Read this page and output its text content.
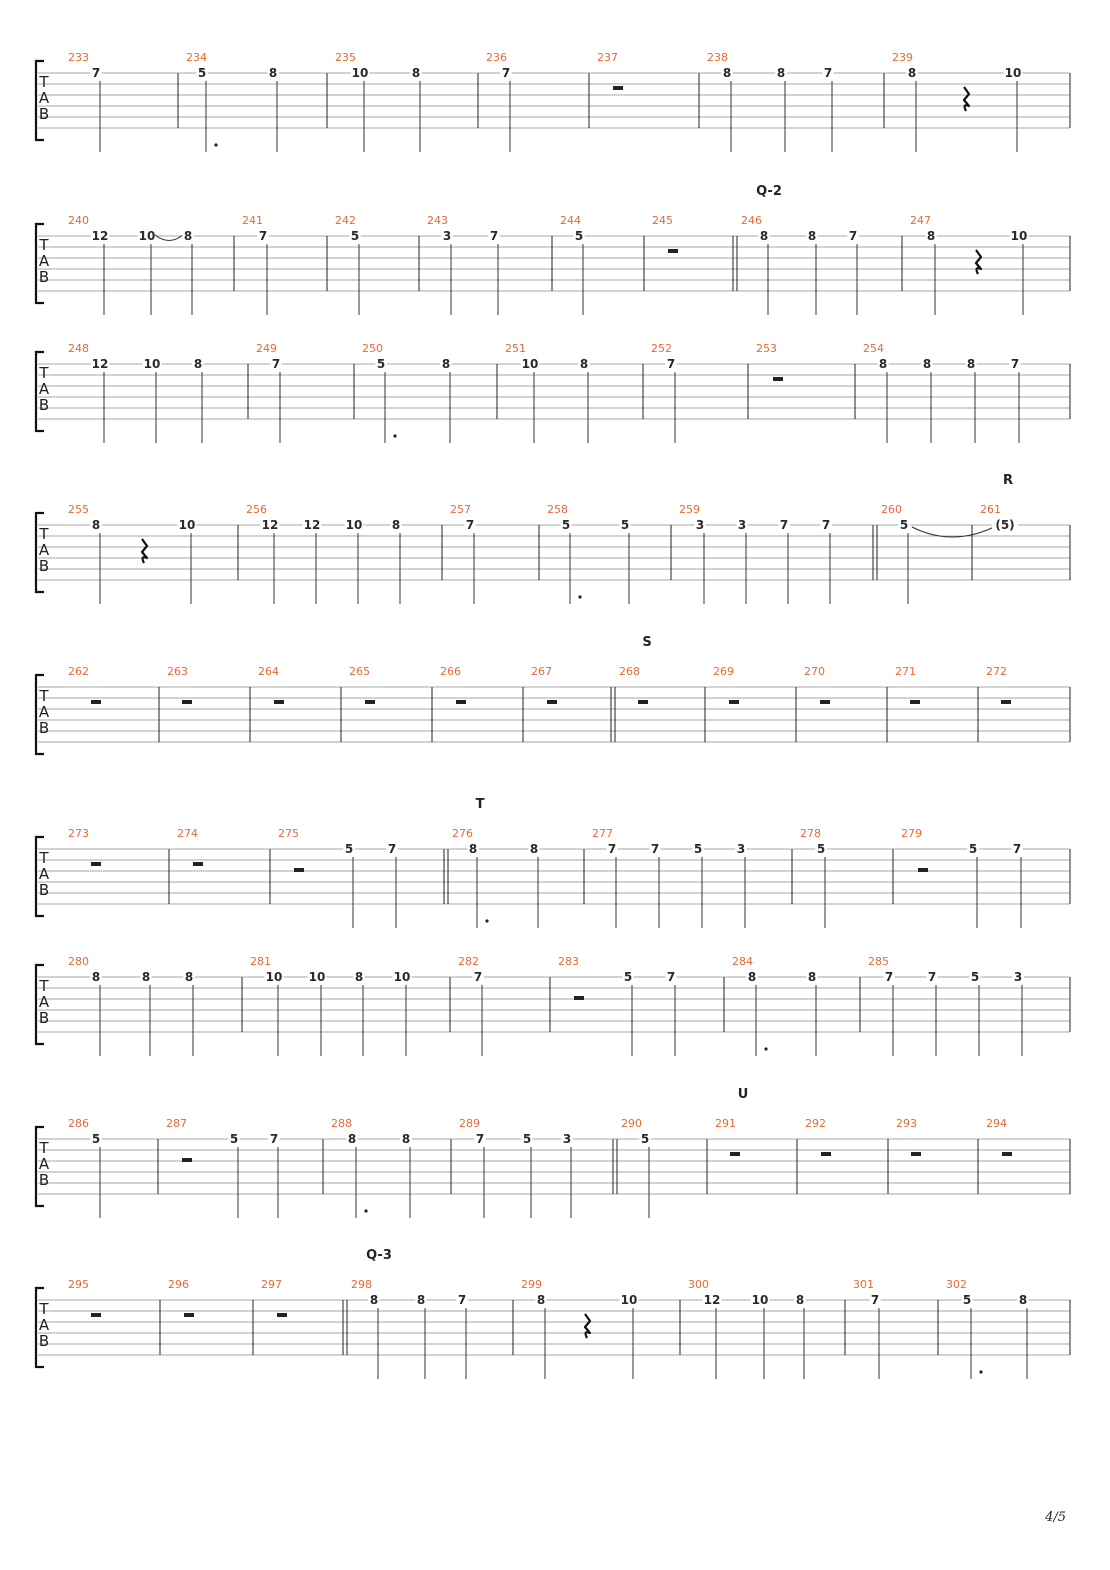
T
A
B
233
7
234
5	8
235
10	8
236
7
237	238
8	8	7
239
8	10
T
A
B
240
12	10 8
241
7
242
5
243
3	7
244
5
245	246
Q-2
8	8	7
247
8	10
T
A
B
248
12	10	8
249
7
250
5	8
251
10	8
252
7
253	254
8	8	8	7
T
A
B
255
8	10
256
12 12 10 8
257
7
258
5	5
259
3	3	7	7
260
5
261
R
(5)
T
A
B
262	263	264	265	266	267	268
S
269	270	271	272
T
A
B
273	274	275
5	7
276
T
8	8
277
7	7	5	3
278
5
279
5	7
T
A
B
280
8	8	8
281
10 10 8	10
282
7
283
5	7
284
8	8
285
7	7	5	3
T
A
B
286
5
287
5	7
288
8	8
289
7	5	3
290
5
291
U
292	293	294
T
A
B
295	296	297	298
Q-3
8	8	7
299
8	10
300
12	10 8
301
7
302
5	8
4/5
